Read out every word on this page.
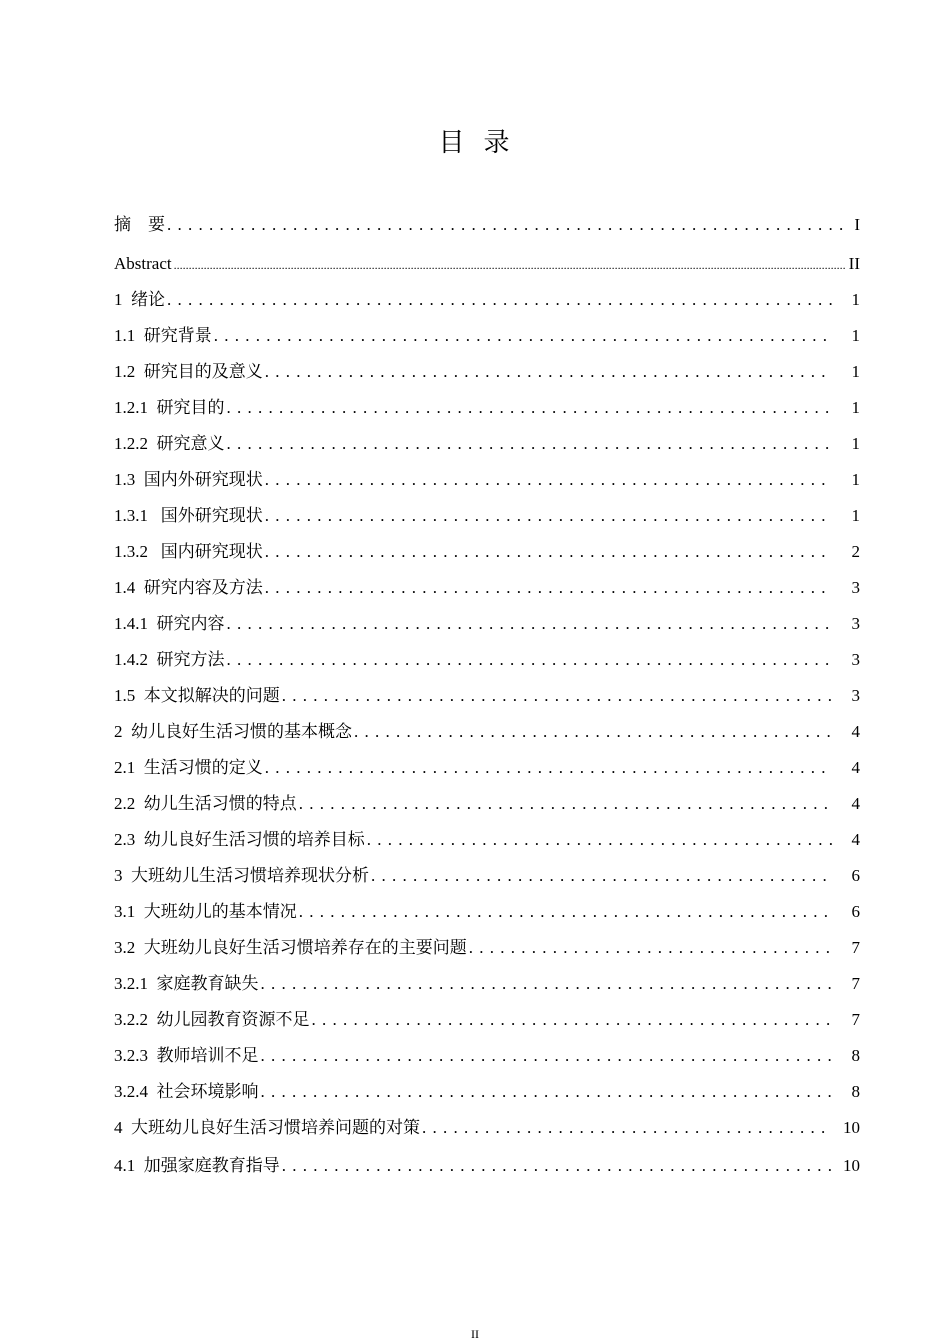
目  录
摘    要 . . .	I
Abstract .....	II
1  绪论 . . .	1
1.1  研究背景 . . .	1
1.2  研究目的及意义 . . .	1
1.2.1  研究目的 . . .	1
1.2.2  研究意义 . . .	1
1.3  国内外研究现状 . . .	1
1.3.1   国外研究现状 . . .	1
1.3.2   国内研究现状 . . .	2
1.4  研究内容及方法 . . .	3
1.4.1  研究内容 . . .	3
1.4.2  研究方法 . . .	3
1.5  本文拟解决的问题 . . .	3
2  幼儿良好生活习惯的基本概念 . . .	4
2.1  生活习惯的定义 . . .	4
2.2  幼儿生活习惯的特点 . . .	4
2.3  幼儿良好生活习惯的培养目标 . . .	4
3  大班幼儿生活习惯培养现状分析 . . .	6
3.1  大班幼儿的基本情况 . . .	6
3.2  大班幼儿良好生活习惯培养存在的主要问题 . . .	7
3.2.1  家庭教育缺失 . . .	7
3.2.2  幼儿园教育资源不足 . . .	7
3.2.3  教师培训不足 . . .	8
3.2.4  社会环境影响 . . .	8
4  大班幼儿良好生活习惯培养问题的对策 . . .	10
4.1  加强家庭教育指导 . . .	10
II
